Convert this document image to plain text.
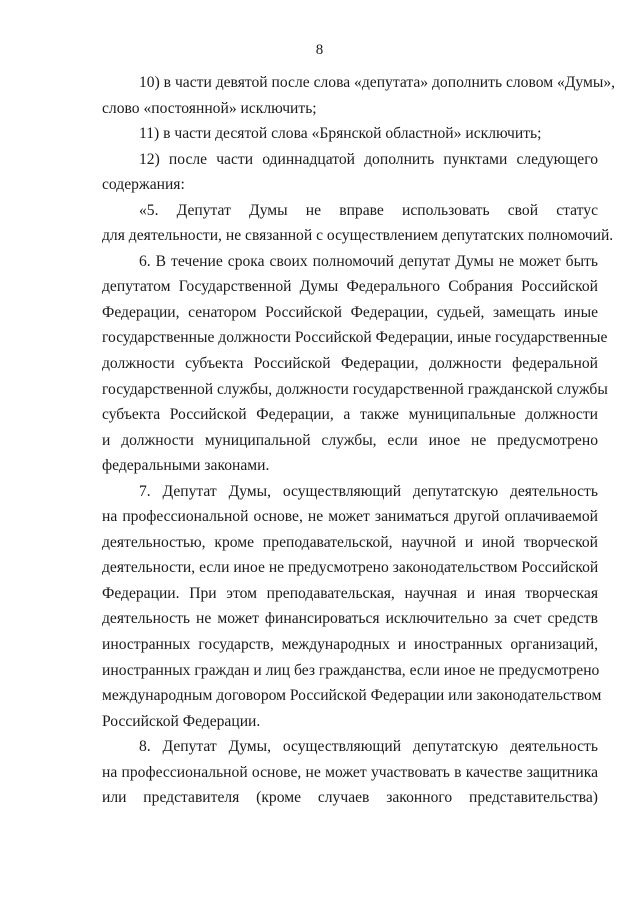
8
10) в части девятой после слова «депутата» дополнить словом «Думы»,
слово «постоянной» исключить;
11) в части десятой слова «Брянской областной» исключить;
12) после части одиннадцатой дополнить пунктами следующего
содержания:
«5. Депутат Думы не вправе использовать свой статус
для деятельности, не связанной с осуществлением депутатских полномочий.
6. В течение срока своих полномочий депутат Думы не может быть
депутатом Государственной Думы Федерального Собрания Российской
Федерации, сенатором Российской Федерации, судьей, замещать иные
государственные должности Российской Федерации, иные государственные
должности субъекта Российской Федерации, должности федеральной
государственной службы, должности государственной гражданской службы
субъекта Российской Федерации, а также муниципальные должности
и должности муниципальной службы, если иное не предусмотрено
федеральными законами.
7. Депутат Думы, осуществляющий депутатскую деятельность
на профессиональной основе, не может заниматься другой оплачиваемой
деятельностью, кроме преподавательской, научной и иной творческой
деятельности, если иное не предусмотрено законодательством Российской
Федерации. При этом преподавательская, научная и иная творческая
деятельность не может финансироваться исключительно за счет средств
иностранных государств, международных и иностранных организаций,
иностранных граждан и лиц без гражданства, если иное не предусмотрено
международным договором Российской Федерации или законодательством
Российской Федерации.
8. Депутат Думы, осуществляющий депутатскую деятельность
на профессиональной основе, не может участвовать в качестве защитника
или представителя (кроме случаев законного представительства)
